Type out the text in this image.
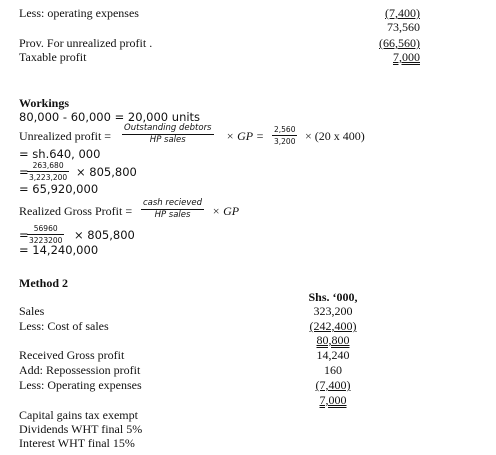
Less: operating expenses	(7,400)
73,560
Prov. For unrealized profit .	(66,560)
Taxable profit	7,000
Workings
80,000 - 60,000 = 20,000 units
Unrealized profit =
Outstanding debtors
HP sales	× GP = $\frac{2,560}{3,200} \times (20$ x 400)
= sh.640, 000
=
$\frac{263,680}{3,223,200} \times 805,800$
= 65,920,000
Realized Gross Profit =
cash recieved
HP sales	× GP
=
$\frac{56960}{3223200} \times 805,800$
= 14,240,000
Method 2
Shs. ‘000,
Sales	323,200
Less: Cost of sales	(242,400)
80,800
Received Gross profit	14,240
Add: Repossession profit	160
Less: Operating expenses	(7,400)
7,000
Capital gains tax exempt
Dividends WHT final 5%
Interest WHT final 15%
